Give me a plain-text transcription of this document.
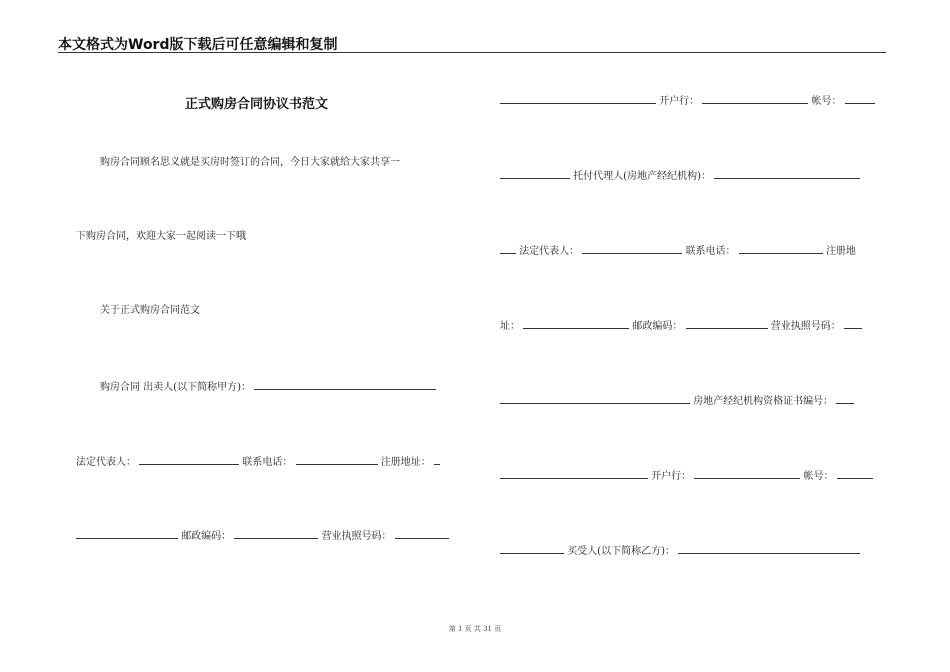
本文格式为Word版下载后可任意编辑和复制
正式购房合同协议书范文
购房合同顾名思义就是买房时签订的合同，今日大家就给大家共享一
下购房合同，欢迎大家一起阅读一下哦
关于正式购房合同范文
购房合同 出卖人(以下简称甲方)：
法定代表人：	联系电话：	注册地址：
邮政编码：	营业执照号码：
开户行：	帐号：
托付代理人(房地产经纪机构)：
法定代表人：	联系电话：	注册地
址：	邮政编码：	营业执照号码：
房地产经纪机构资格证书编号：
开户行：	帐号：
买受人(以下简称乙方)：
第 1 页 共 31 页
